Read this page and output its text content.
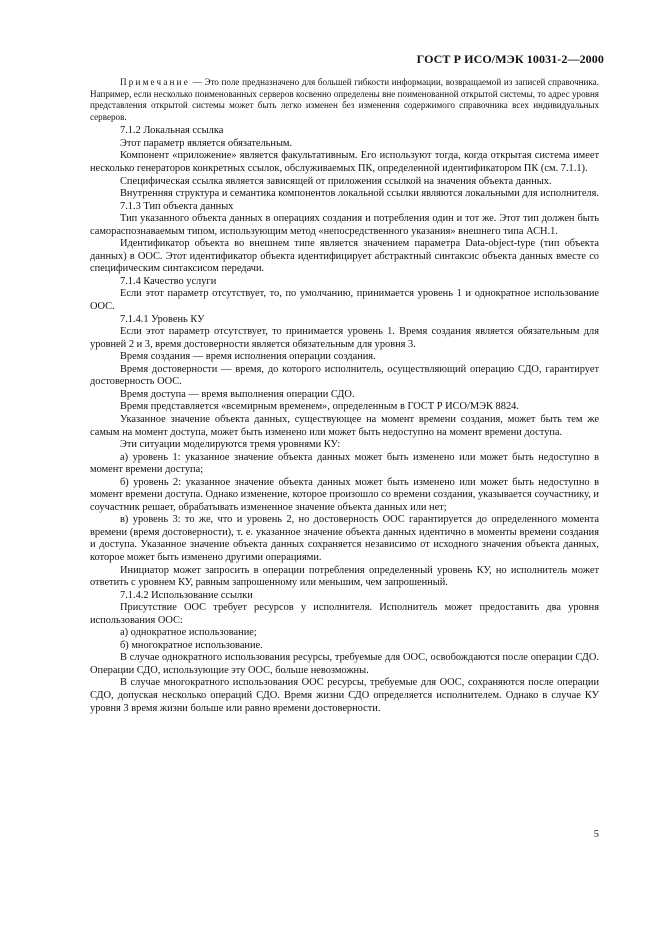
ГОСТ Р ИСО/МЭК 10031-2—2000

Примечание — Это поле предназначено для большей гибкости информации, возвращаемой из записей справочника. Например, если несколько поименованных серверов косвенно определены вне поименованной открытой системы, то адрес уровня представления открытой системы может быть легко изменен без изменения содержимого справочника всех индивидуальных серверов.

7.1.2 Локальная ссылка

Этот параметр является обязательным.

Компонент «приложение» является факультативным. Его используют тогда, когда открытая система имеет несколько генераторов конкретных ссылок, обслуживаемых ПК, определенной идентификатором ПК (см. 7.1.1).

Специфическая ссылка является зависящей от приложения ссылкой на значения объекта данных.

Внутренняя структура и семантика компонентов локальной ссылки являются локальными для исполнителя.

7.1.3 Тип объекта данных

Тип указанного объекта данных в операциях создания и потребления один и тот же. Этот тип должен быть самораспознаваемым типом, использующим метод «непосредственного указания» внешнего типа АСН.1.

Идентификатор объекта во внешнем типе является значением параметра Data-object-type (тип объекта данных) в ООС. Этот идентификатор объекта идентифицирует абстрактный синтаксис объекта данных вместе со специфическим синтаксисом передачи.

7.1.4 Качество услуги

Если этот параметр отсутствует, то, по умолчанию, принимается уровень 1 и однократное использование ООС.

7.1.4.1 Уровень КУ

Если этот параметр отсутствует, то принимается уровень 1. Время создания является обязательным для уровней 2 и 3, время достоверности является обязательным для уровня 3.

Время создания — время исполнения операции создания.

Время достоверности — время, до которого исполнитель, осуществляющий операцию СДО, гарантирует достоверность ООС.

Время доступа — время выполнения операции СДО.

Время представляется «всемирным временем», определенным в ГОСТ Р ИСО/МЭК 8824.

Указанное значение объекта данных, существующее на момент времени создания, может быть тем же самым на момент доступа, может быть изменено или может быть недоступно на момент времени доступа.

Эти ситуации моделируются тремя уровнями КУ:

а) уровень 1: указанное значение объекта данных может быть изменено или может быть недоступно в момент времени доступа;

б) уровень 2: указанное значение объекта данных может быть изменено или может быть недоступно в момент времени доступа. Однако изменение, которое произошло со времени создания, указывается соучастнику, и соучастник решает, обрабатывать измененное значение объекта данных или нет;

в) уровень 3: то же, что и уровень 2, но достоверность ООС гарантируется до определенного момента времени (время достоверности), т. е. указанное значение объекта данных идентично в моменты времени создания и доступа. Указанное значение объекта данных сохраняется независимо от исходного значения объекта данных, которое может быть изменено другими операциями.

Инициатор может запросить в операции потребления определенный уровень КУ, но исполнитель может ответить с уровнем КУ, равным запрошенному или меньшим, чем запрошенный.

7.1.4.2 Использование ссылки

Присутствие ООС требует ресурсов у исполнителя. Исполнитель может предоставить два уровня использования ООС:

а) однократное использование;

б) многократное использование.

В случае однократного использования ресурсы, требуемые для ООС, освобождаются после операции СДО. Операции СДО, использующие эту ООС, больше невозможны.

В случае многократного использования ООС ресурсы, требуемые для ООС, сохраняются после операции СДО, допуская несколько операций СДО. Время жизни СДО определяется исполнителем. Однако в случае КУ уровня 3 время жизни больше или равно времени достоверности.

5
